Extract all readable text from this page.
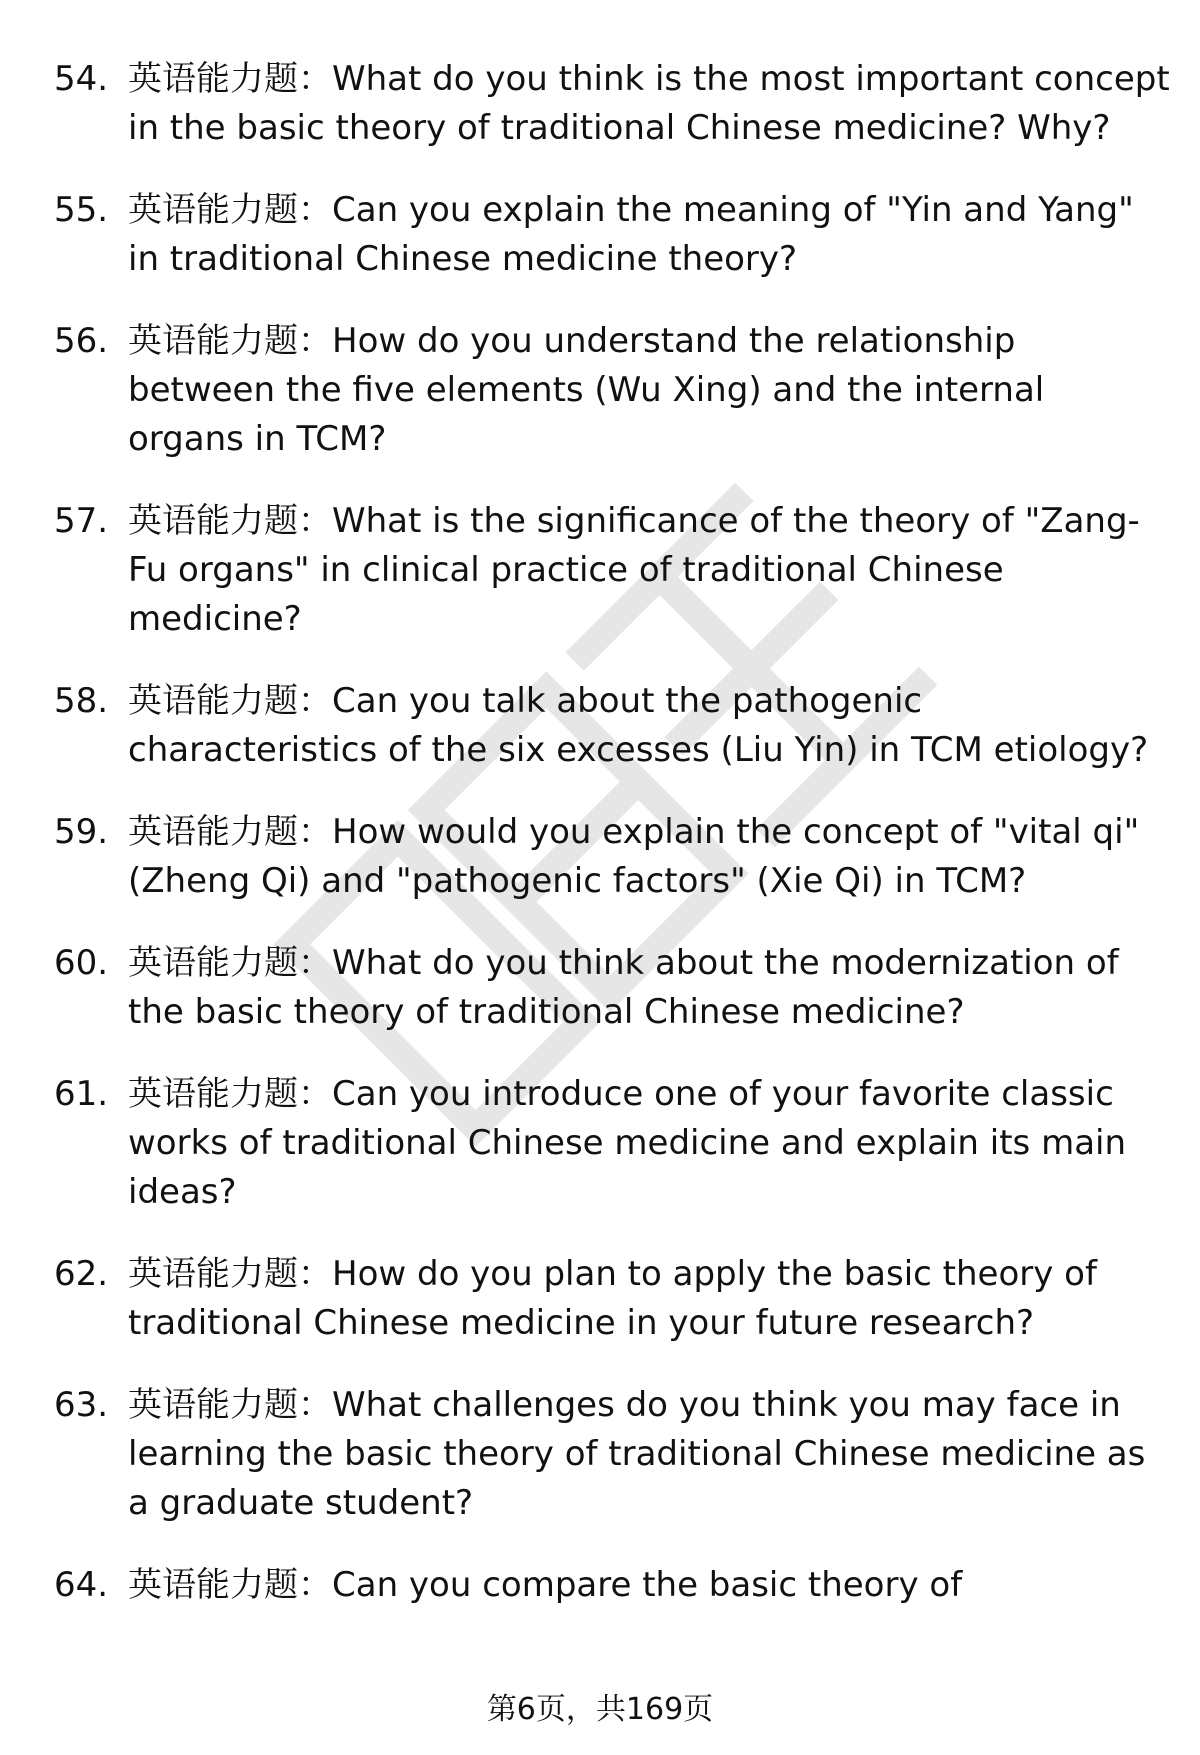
54. 英语能力题：What do you think is the most important concept in the basic theory of traditional Chinese medicine? Why?
55. 英语能力题：Can you explain the meaning of "Yin and Yang" in traditional Chinese medicine theory?
56. 英语能力题：How do you understand the relationship between the five elements (Wu Xing) and the internal organs in TCM?
57. 英语能力题：What is the significance of the theory of "Zang-Fu organs" in clinical practice of traditional Chinese medicine?
58. 英语能力题：Can you talk about the pathogenic characteristics of the six excesses (Liu Yin) in TCM etiology?
59. 英语能力题：How would you explain the concept of "vital qi" (Zheng Qi) and "pathogenic factors" (Xie Qi) in TCM?
60. 英语能力题：What do you think about the modernization of the basic theory of traditional Chinese medicine?
61. 英语能力题：Can you introduce one of your favorite classic works of traditional Chinese medicine and explain its main ideas?
62. 英语能力题：How do you plan to apply the basic theory of traditional Chinese medicine in your future research?
63. 英语能力题：What challenges do you think you may face in learning the basic theory of traditional Chinese medicine as a graduate student?
64. 英语能力题：Can you compare the basic theory of
第6页，共169页
